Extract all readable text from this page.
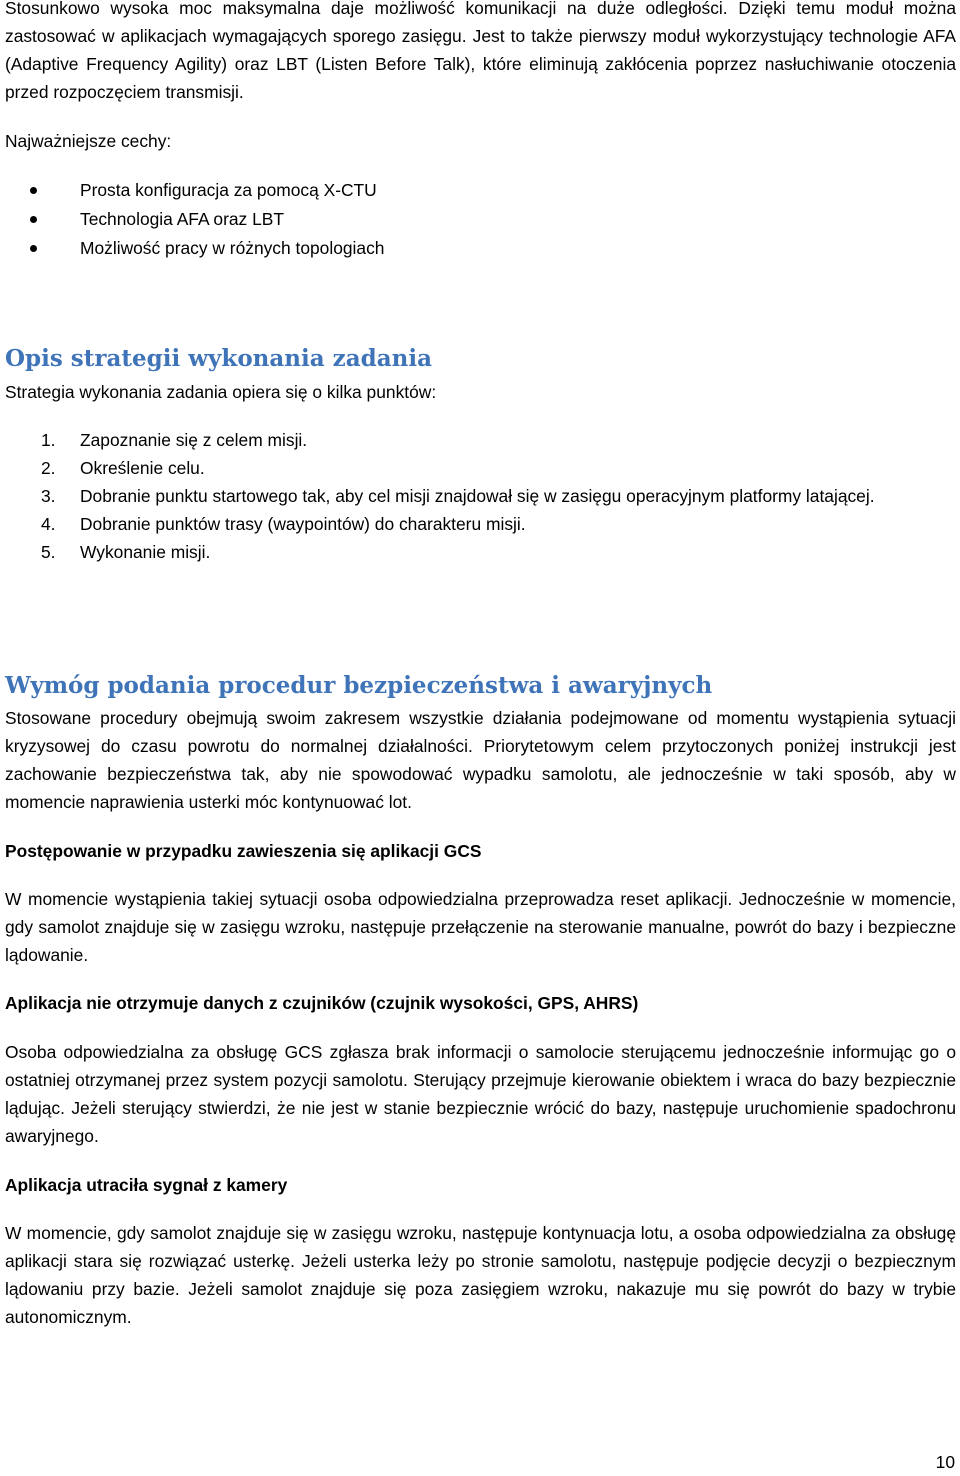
Stosunkowo wysoka moc maksymalna daje możliwość komunikacji na duże odległości. Dzięki temu moduł można zastosować w aplikacjach wymagających sporego zasięgu. Jest to także pierwszy moduł wykorzystujący technologie AFA (Adaptive Frequency Agility) oraz LBT (Listen Before Talk), które eliminują zakłócenia poprzez nasłuchiwanie otoczenia przed rozpoczęciem transmisji.

Najważniejsze cechy:

Prosta konfiguracja za pomocą X-CTU
Technologia AFA oraz LBT
Możliwość pracy w różnych topologiach
Opis strategii wykonania zadania

Strategia wykonania zadania opiera się o kilka punktów:

1. Zapoznanie się z celem misji.
2. Określenie celu.
3. Dobranie punktu startowego tak, aby cel misji znajdował się w zasięgu operacyjnym platformy latającej.
4. Dobranie punktów trasy (waypointów) do charakteru misji.
5. Wykonanie misji.
Wymóg podania procedur bezpieczeństwa i awaryjnych

Stosowane procedury obejmują swoim zakresem wszystkie działania podejmowane od momentu wystąpienia sytuacji kryzysowej do czasu powrotu do normalnej działalności. Priorytetowym celem przytoczonych poniżej instrukcji jest zachowanie bezpieczeństwa tak, aby nie spowodować wypadku samolotu, ale jednocześnie w taki sposób, aby w momencie naprawienia usterki móc kontynuować lot.

Postępowanie w przypadku zawieszenia się aplikacji GCS

W momencie wystąpienia takiej sytuacji osoba odpowiedzialna przeprowadza reset aplikacji. Jednocześnie w momencie, gdy samolot znajduje się w zasięgu wzroku, następuje przełączenie na sterowanie manualne, powrót do bazy i bezpieczne lądowanie.

Aplikacja nie otrzymuje danych z czujników (czujnik wysokości, GPS, AHRS)

Osoba odpowiedzialna za obsługę GCS zgłasza brak informacji o samolocie sterującemu jednocześnie informując go o ostatniej otrzymanej przez system pozycji samolotu. Sterujący przejmuje kierowanie obiektem i wraca do bazy bezpiecznie lądując. Jeżeli sterujący stwierdzi, że nie jest w stanie bezpiecznie wrócić do bazy, następuje uruchomienie spadochronu awaryjnego.

Aplikacja utraciła sygnał z kamery

W momencie, gdy samolot znajduje się w zasięgu wzroku, następuje kontynuacja lotu, a osoba odpowiedzialna za obsługę aplikacji stara się rozwiązać usterkę. Jeżeli usterka leży po stronie samolotu, następuje podjęcie decyzji o bezpiecznym lądowaniu przy bazie. Jeżeli samolot znajduje się poza zasięgiem wzroku, nakazuje mu się powrót do bazy w trybie autonomicznym.

10
